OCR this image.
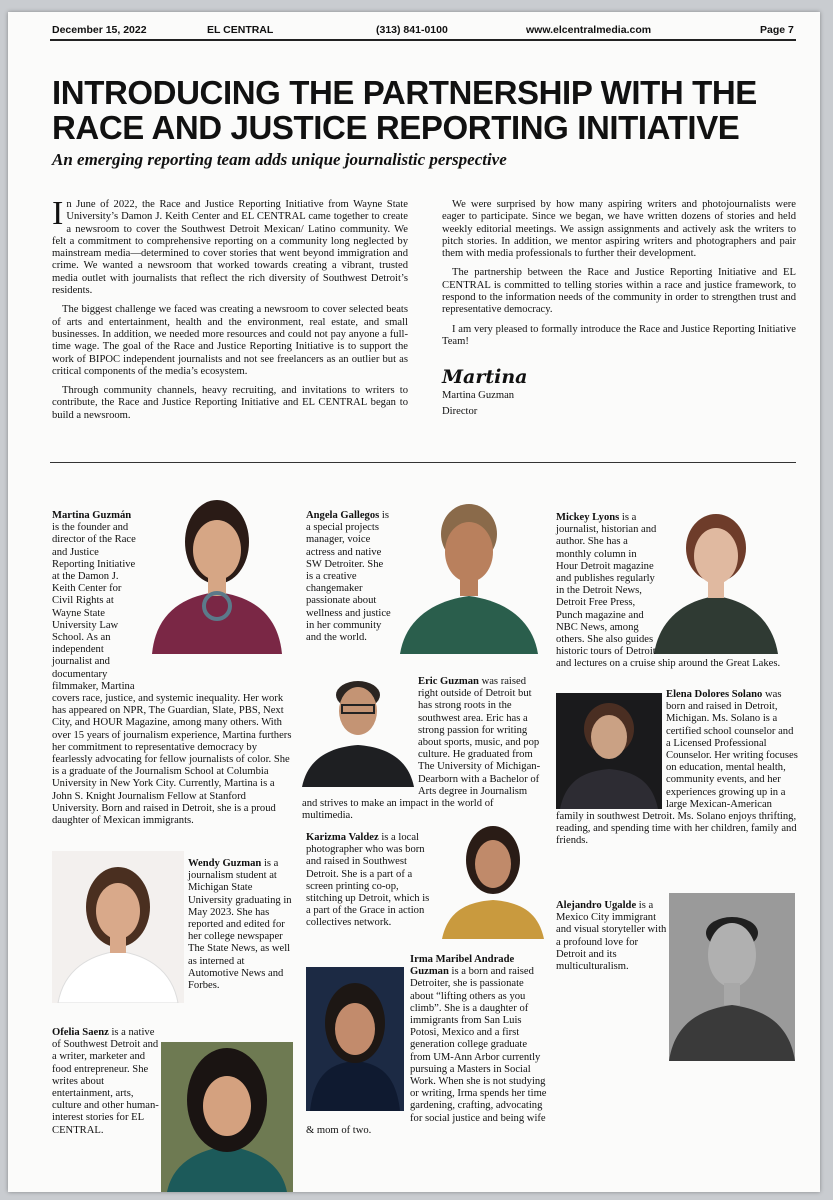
December 15, 2022	EL CENTRAL	(313) 841-0100	www.elcentralmedia.com	Page 7
INTRODUCING THE PARTNERSHIP WITH THE RACE AND JUSTICE REPORTING INITIATIVE
An emerging reporting team adds unique journalistic perspective

In June of 2022, the Race and Justice Reporting Initiative from Wayne State University’s Damon J. Keith Center and EL CENTRAL came together to create a newsroom to cover the Southwest Detroit Mexican/ Latino community. We felt a commitment to comprehensive reporting on a community long neglected by mainstream media—determined to cover stories that went beyond immigration and crime. We wanted a newsroom that worked towards creating a vibrant, trusted media outlet with journalists that reflect the rich diversity of Southwest Detroit’s residents.

The biggest challenge we faced was creating a newsroom to cover selected beats of arts and entertainment, health and the environment, real estate, and small businesses. In addition, we needed more resources and could not pay anyone a full-time wage. The goal of the Race and Justice Reporting Initiative is to support the work of BIPOC independent journalists and not see freelancers as an outlier but as critical components of the media’s ecosystem.

Through community channels, heavy recruiting, and invitations to writers to contribute, the Race and Justice Reporting Initiative and EL CENTRAL began to build a newsroom.

We were surprised by how many aspiring writers and photojournalists were eager to participate. Since we began, we have written dozens of stories and held weekly editorial meetings. We assign assignments and actively ask the writers to pitch stories. In addition, we mentor aspiring writers and photographers and pair them with media professionals to further their development.

The partnership between the Race and Justice Reporting Initiative and EL CENTRAL is committed to telling stories within a race and justice framework, to respond to the information needs of the community in order to strengthen trust and representative democracy.

I am very pleased to formally introduce the Race and Justice Reporting Initiative Team!

Martina
Martina Guzman
Director
Martina Guzmán is the founder and director of the Race and Justice Reporting Initiative at the Damon J. Keith Center for Civil Rights at Wayne State University Law School. As an independent journalist and documentary filmmaker, Martina covers race, justice, and systemic inequality. Her work has appeared on NPR, The Guardian, Slate, PBS, Next City, and HOUR Magazine, among many others. With over 15 years of journalism experience, Martina furthers her commitment to representative democracy by fearlessly advocating for fellow journalists of color. She is a graduate of the Journalism School at Columbia University in New York City. Currently, Martina is a John S. Knight Journalism Fellow at Stanford University. Born and raised in Detroit, she is a proud daughter of Mexican immigrants.
Angela Gallegos is a special projects manager, voice actress and native SW Detroiter. She is a creative changemaker passionate about wellness and justice in her community and the world.
Mickey Lyons is a journalist, historian and author. She has a monthly column in Hour Detroit magazine and publishes regularly in the Detroit News, Detroit Free Press, Punch magazine and NBC News, among others. She also guides historic tours of Detroit and lectures on a cruise ship around the Great Lakes.
Eric Guzman was raised right outside of Detroit but has strong roots in the southwest area. Eric has a strong passion for writing about sports, music, and pop culture. He graduated from The University of Michigan-Dearborn with a Bachelor of Arts degree in Journalism and strives to make an impact in the world of multimedia.
Elena Dolores Solano was born and raised in Detroit, Michigan. Ms. Solano is a certified school counselor and a Licensed Professional Counselor. Her writing focuses on education, mental health, community events, and her experiences growing up in a large Mexican-American family in southwest Detroit. Ms. Solano enjoys thrifting, reading, and spending time with her children, family and friends.
Wendy Guzman is a journalism student at Michigan State University graduating in May 2023. She has reported and edited for her college newspaper The State News, as well as interned at Automotive News and Forbes.
Karizma Valdez is a local photographer who was born and raised in Southwest Detroit. She is a part of a screen printing co-op, stitching up Detroit, which is a part of the Grace in action collectives network.
Alejandro Ugalde is a Mexico City immigrant and visual storyteller with a profound love for Detroit and its multiculturalism.
Irma Maribel Andrade Guzman is a born and raised Detroiter, she is passionate about “lifting others as you climb”. She is a daughter of immigrants from San Luis Potosi, Mexico and a first generation college graduate from UM-Ann Arbor currently pursuing a Masters in Social Work. When she is not studying or writing, Irma spends her time gardening, crafting, advocating for social justice and being wife & mom of two.
Ofelia Saenz is a native of Southwest Detroit and a writer, marketer and food entrepreneur. She writes about entertainment, arts, culture and other human-interest stories for EL CENTRAL.
